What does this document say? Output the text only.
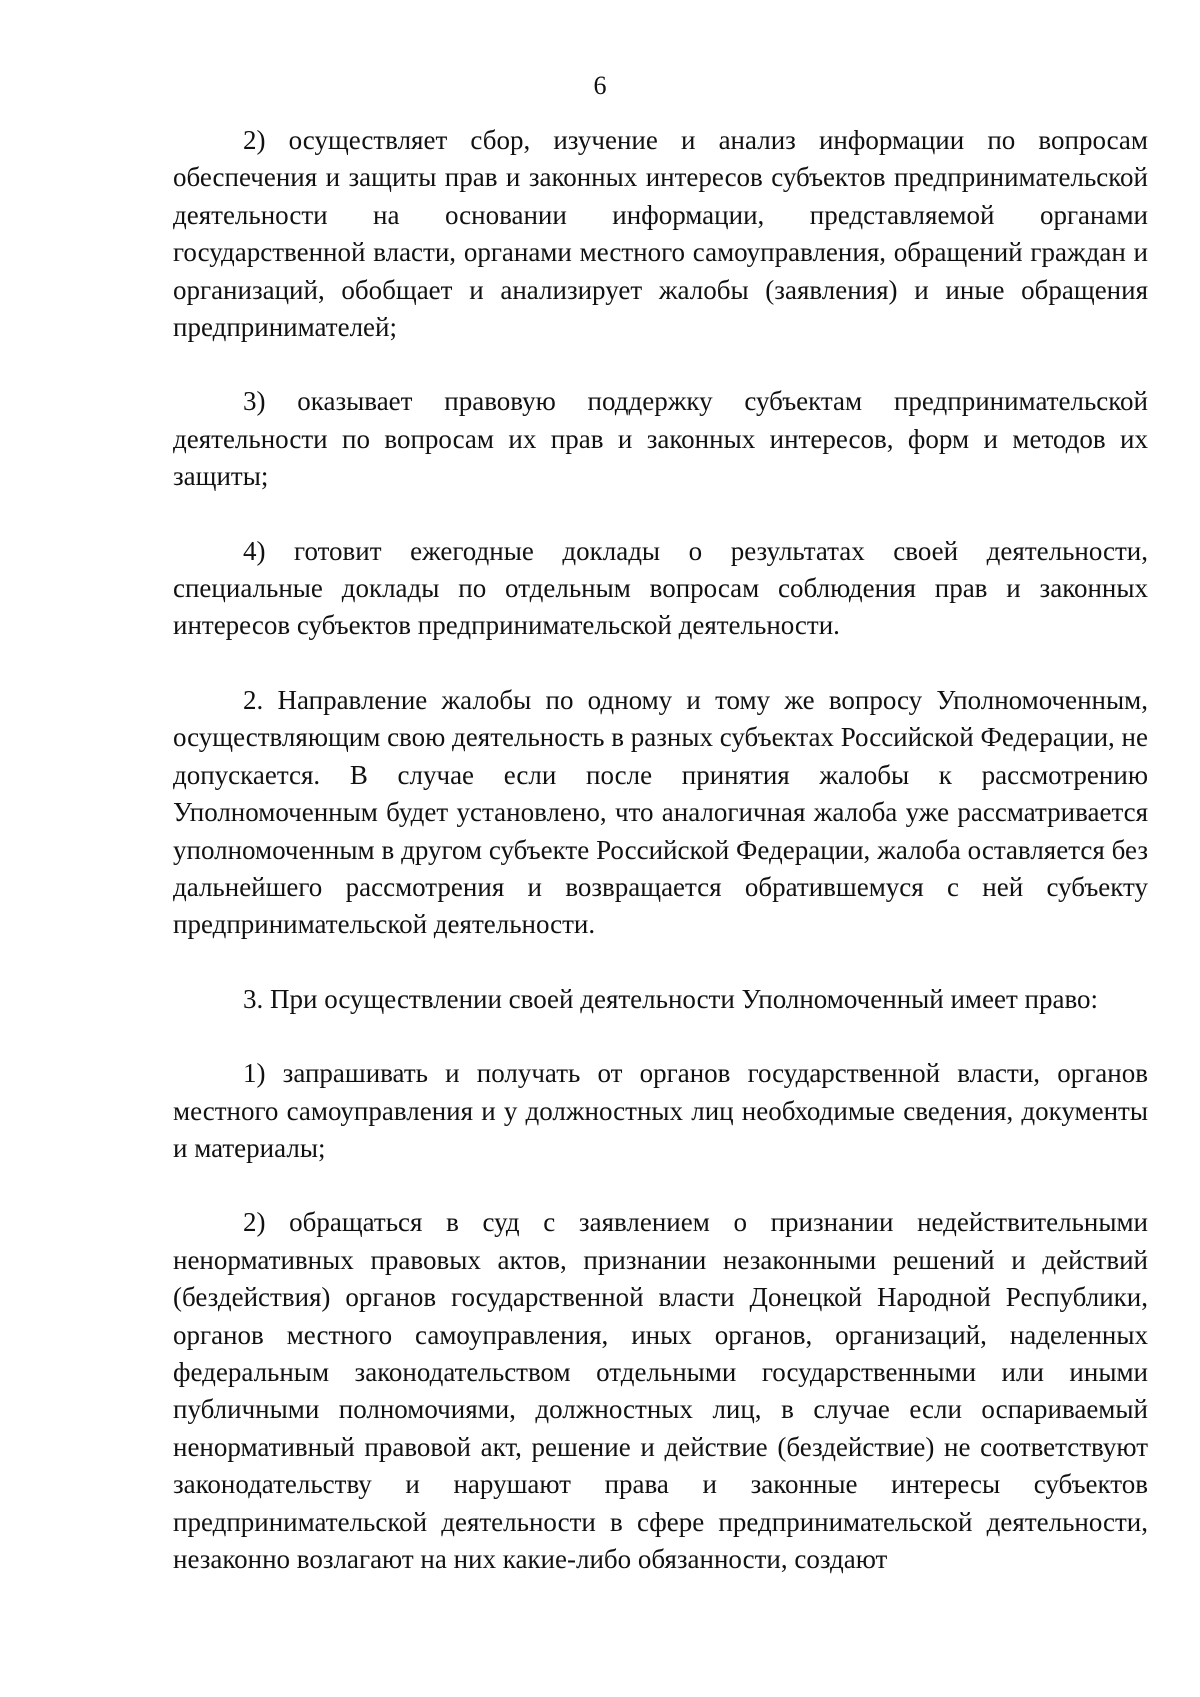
6

2) осуществляет сбор, изучение и анализ информации по вопросам обеспечения и защиты прав и законных интересов субъектов предпринимательской деятельности на основании информации, представляемой органами государственной власти, органами местного самоуправления, обращений граждан и организаций, обобщает и анализирует жалобы (заявления) и иные обращения предпринимателей;

3) оказывает правовую поддержку субъектам предпринимательской деятельности по вопросам их прав и законных интересов, форм и методов их защиты;

4) готовит ежегодные доклады о результатах своей деятельности, специальные доклады по отдельным вопросам соблюдения прав и законных интересов субъектов предпринимательской деятельности.

2. Направление жалобы по одному и тому же вопросу Уполномоченным, осуществляющим свою деятельность в разных субъектах Российской Федерации, не допускается. В случае если после принятия жалобы к рассмотрению Уполномоченным будет установлено, что аналогичная жалоба уже рассматривается уполномоченным в другом субъекте Российской Федерации, жалоба оставляется без дальнейшего рассмотрения и возвращается обратившемуся с ней субъекту предпринимательской деятельности.

3. При осуществлении своей деятельности Уполномоченный имеет право:

1) запрашивать и получать от органов государственной власти, органов местного самоуправления и у должностных лиц необходимые сведения, документы и материалы;

2) обращаться в суд с заявлением о признании недействительными ненормативных правовых актов, признании незаконными решений и действий (бездействия) органов государственной власти Донецкой Народной Республики, органов местного самоуправления, иных органов, организаций, наделенных федеральным законодательством отдельными государственными или иными публичными полномочиями, должностных лиц, в случае если оспариваемый ненормативный правовой акт, решение и действие (бездействие) не соответствуют законодательству и нарушают права и законные интересы субъектов предпринимательской деятельности в сфере предпринимательской деятельности, незаконно возлагают на них какие-либо обязанности, создают
